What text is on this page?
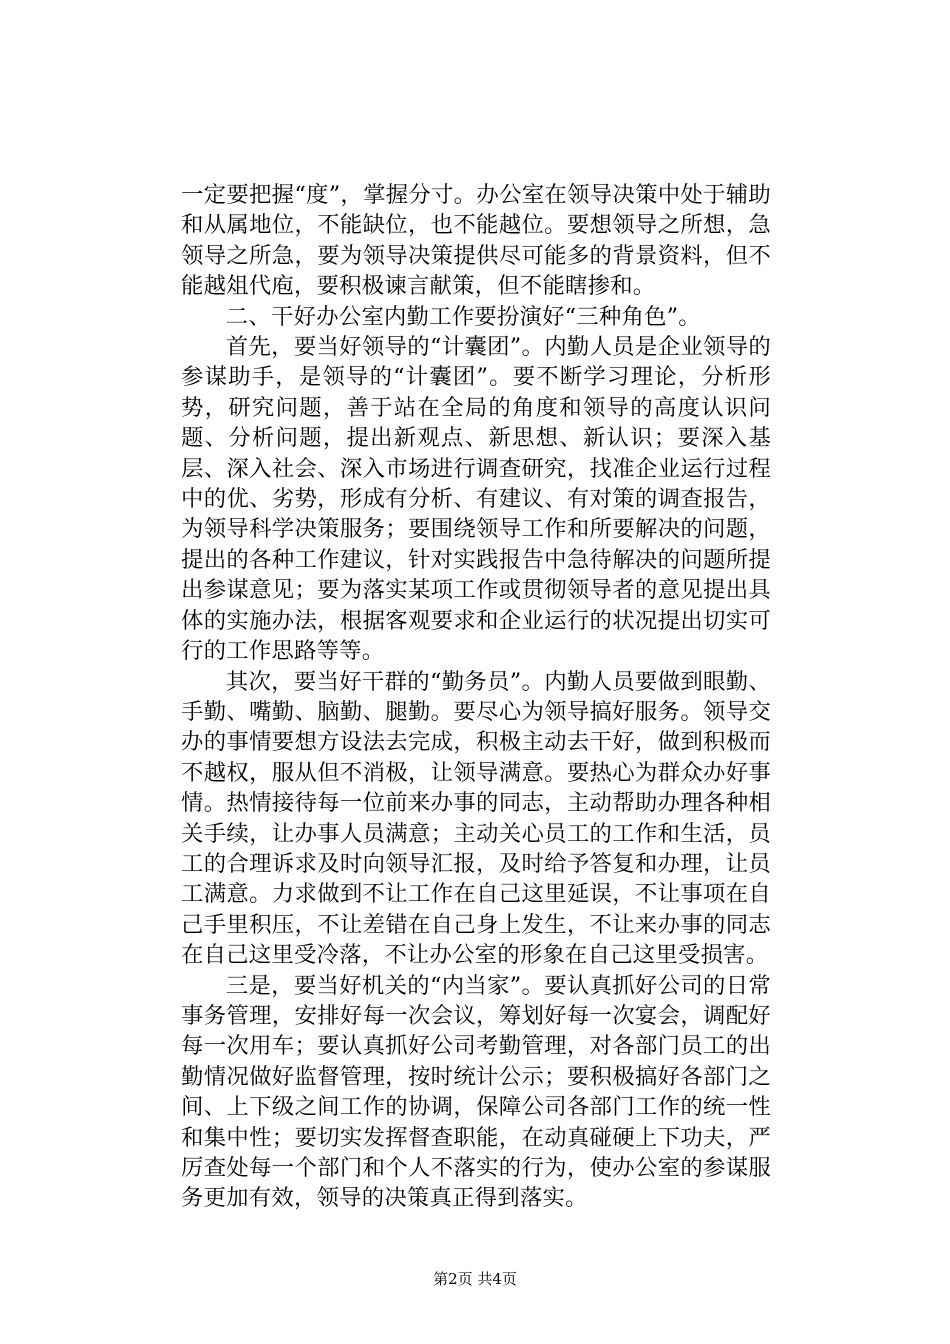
一定要把握“度”，掌握分寸。办公室在领导决策中处于辅助和从属地位，不能缺位，也不能越位。要想领导之所想，急领导之所急，要为领导决策提供尽可能多的背景资料，但不能越俎代庖，要积极谏言献策，但不能瞎掺和。

二、干好办公室内勤工作要扮演好“三种角色”。

首先，要当好领导的“计囊团”。内勤人员是企业领导的参谋助手，是领导的“计囊团”。要不断学习理论，分析形势，研究问题，善于站在全局的角度和领导的高度认识问题、分析问题，提出新观点、新思想、新认识；要深入基层、深入社会、深入市场进行调查研究，找准企业运行过程中的优、劣势，形成有分析、有建议、有对策的调查报告，为领导科学决策服务；要围绕领导工作和所要解决的问题，提出的各种工作建议，针对实践报告中急待解决的问题所提出参谋意见；要为落实某项工作或贯彻领导者的意见提出具体的实施办法，根据客观要求和企业运行的状况提出切实可行的工作思路等等。

其次，要当好干群的“勤务员”。内勤人员要做到眼勤、手勤、嘴勤、脑勤、腿勤。要尽心为领导搞好服务。领导交办的事情要想方设法去完成，积极主动去干好，做到积极而不越权，服从但不消极，让领导满意。要热心为群众办好事情。热情接待每一位前来办事的同志，主动帮助办理各种相关手续，让办事人员满意；主动关心员工的工作和生活，员工的合理诉求及时向领导汇报，及时给予答复和办理，让员工满意。力求做到不让工作在自己这里延误，不让事项在自己手里积压，不让差错在自己身上发生，不让来办事的同志在自己这里受冷落，不让办公室的形象在自己这里受损害。

三是，要当好机关的“内当家”。要认真抓好公司的日常事务管理，安排好每一次会议，筹划好每一次宴会，调配好每一次用车；要认真抓好公司考勤管理，对各部门员工的出勤情况做好监督管理，按时统计公示；要积极搞好各部门之间、上下级之间工作的协调，保障公司各部门工作的统一性和集中性；要切实发挥督查职能，在动真碰硬上下功夫，严厉查处每一个部门和个人不落实的行为，使办公室的参谋服务更加有效，领导的决策真正得到落实。

第2页 共4页
